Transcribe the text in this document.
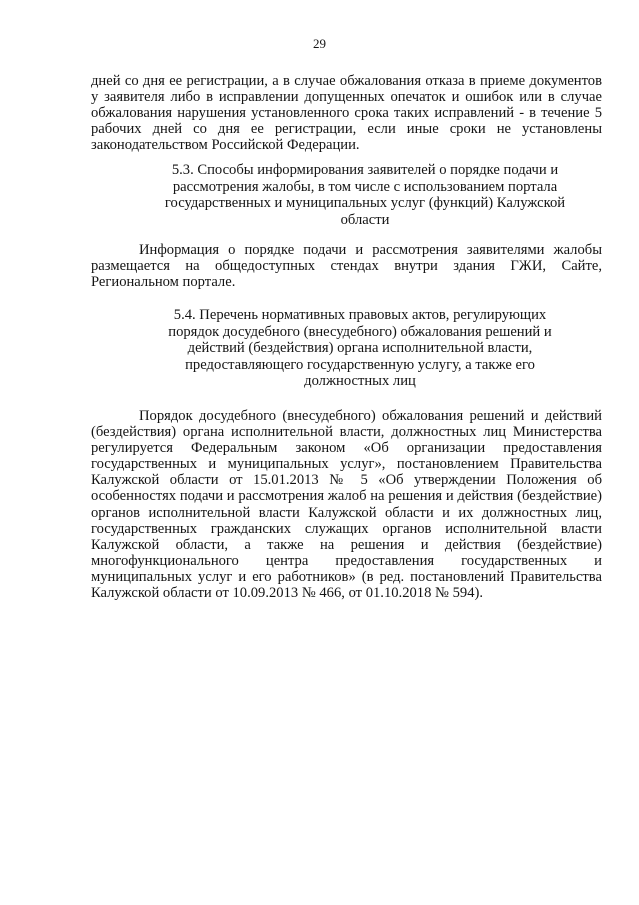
29

дней со дня ее регистрации, а в случае обжалования отказа в приеме документов у заявителя либо в исправлении допущенных опечаток и ошибок или в случае обжалования нарушения установленного срока таких исправлений - в течение 5 рабочих дней со дня ее регистрации, если иные сроки не установлены законодательством Российской Федерации.

5.3. Способы информирования заявителей о порядке подачи и рассмотрения жалобы, в том числе с использованием портала государственных и муниципальных услуг (функций) Калужской области

Информация о порядке подачи и рассмотрения заявителями жалобы размещается на общедоступных стендах внутри здания ГЖИ, Сайте, Региональном портале.

5.4. Перечень нормативных правовых актов, регулирующих порядок досудебного (внесудебного) обжалования решений и действий (бездействия) органа исполнительной власти, предоставляющего государственную услугу, а также его должностных лиц

Порядок досудебного (внесудебного) обжалования решений и действий (бездействия) органа исполнительной власти, должностных лиц Министерства регулируется Федеральным законом «Об организации предоставления государственных и муниципальных услуг», постановлением Правительства Калужской области от 15.01.2013 № 5 «Об утверждении Положения об особенностях подачи и рассмотрения жалоб на решения и действия (бездействие) органов исполнительной власти Калужской области и их должностных лиц, государственных гражданских служащих органов исполнительной власти Калужской области, а также на решения и действия (бездействие) многофункционального центра предоставления государственных и муниципальных услуг и его работников» (в ред. постановлений Правительства Калужской области от 10.09.2013 № 466, от 01.10.2018 № 594).
